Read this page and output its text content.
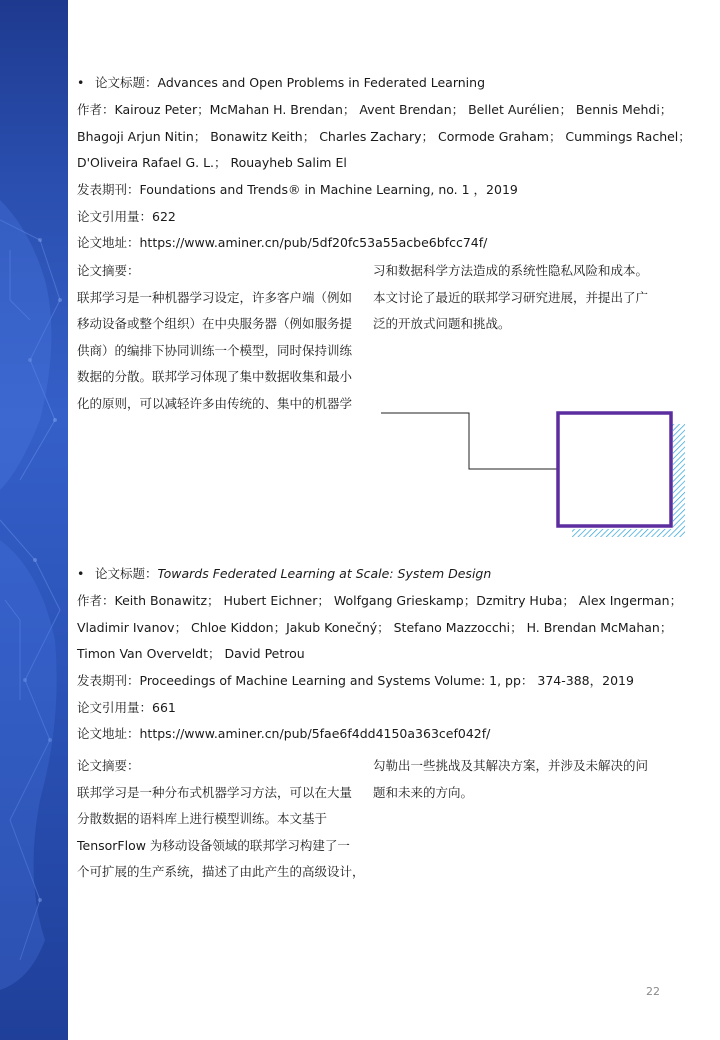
• 论文标题：Advances and Open Problems in Federated Learning
作者：Kairouz Peter；McMahan H. Brendan； Avent Brendan； Bellet Aurélien； Bennis Mehdi；
Bhagoji Arjun Nitin； Bonawitz Keith； Charles Zachary； Cormode Graham； Cummings Rachel；
D'Oliveira Rafael G. L.； Rouayheb Salim El
发表期刊：Foundations and Trends® in Machine Learning, no. 1 ，2019
论文引用量：622
论文地址：https://www.aminer.cn/pub/5df20fc53a55acbe6bfcc74f/
论文摘要：
联邦学习是一种机器学习设定，许多客户端（例如
移动设备或整个组织）在中央服务器（例如服务提
供商）的编排下协同训练一个模型，同时保持训练
数据的分散。联邦学习体现了集中数据收集和最小
化的原则，可以减轻许多由传统的、集中的机器学
习和数据科学方法造成的系统性隐私风险和成本。
本文讨论了最近的联邦学习研究进展，并提出了广
泛的开放式问题和挑战。
• 论文标题：Towards Federated Learning at Scale: System Design
作者：Keith Bonawitz； Hubert Eichner； Wolfgang Grieskamp；Dzmitry Huba； Alex Ingerman；
Vladimir Ivanov； Chloe Kiddon；Jakub Konečný； Stefano Mazzocchi； H. Brendan McMahan；
Timon Van Overveldt； David Petrou
发表期刊：Proceedings of Machine Learning and Systems Volume: 1, pp： 374-388，2019
论文引用量：661
论文地址：https://www.aminer.cn/pub/5fae6f4dd4150a363cef042f/
论文摘要：
联邦学习是一种分布式机器学习方法，可以在大量
分散数据的语料库上进行模型训练。本文基于
TensorFlow 为移动设备领域的联邦学习构建了一
个可扩展的生产系统，描述了由此产生的高级设计，
勾勒出一些挑战及其解决方案，并涉及未解决的问
题和未来的方向。
22
